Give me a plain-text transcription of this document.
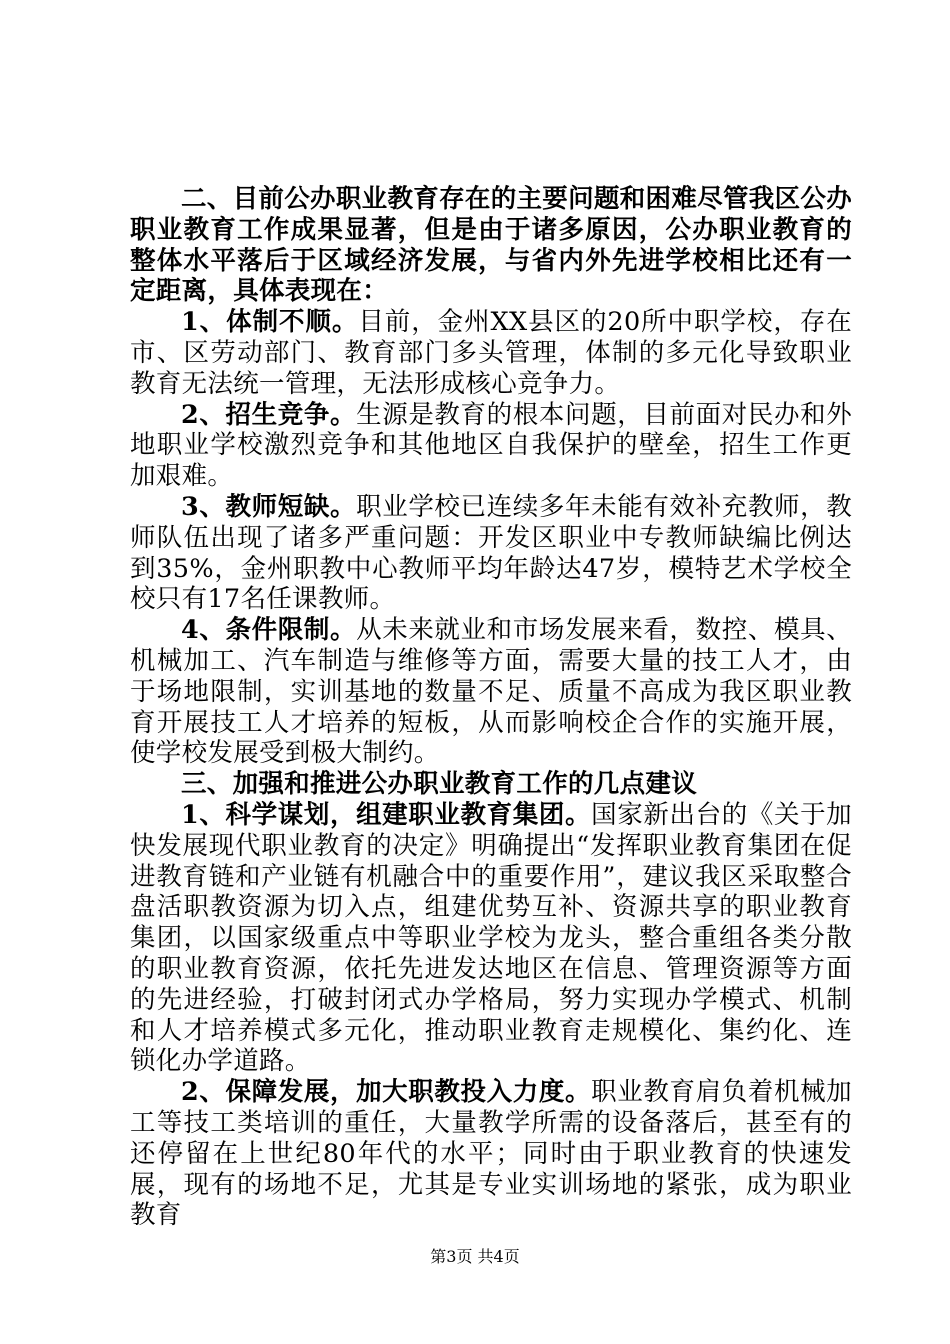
二、目前公办职业教育存在的主要问题和困难尽管我区公办职业教育工作成果显著，但是由于诸多原因，公办职业教育的整体水平落后于区域经济发展，与省内外先进学校相比还有一定距离，具体表现在：

1、体制不顺。目前，金州XX县区的20所中职学校，存在市、区劳动部门、教育部门多头管理，体制的多元化导致职业教育无法统一管理，无法形成核心竞争力。

2、招生竞争。生源是教育的根本问题，目前面对民办和外地职业学校激烈竞争和其他地区自我保护的壁垒，招生工作更加艰难。

3、教师短缺。职业学校已连续多年未能有效补充教师，教师队伍出现了诸多严重问题：开发区职业中专教师缺编比例达到35%，金州职教中心教师平均年龄达47岁，模特艺术学校全校只有17名任课教师。

4、条件限制。从未来就业和市场发展来看，数控、模具、机械加工、汽车制造与维修等方面，需要大量的技工人才，由于场地限制，实训基地的数量不足、质量不高成为我区职业教育开展技工人才培养的短板，从而影响校企合作的实施开展，使学校发展受到极大制约。

三、加强和推进公办职业教育工作的几点建议

1、科学谋划，组建职业教育集团。国家新出台的《关于加快发展现代职业教育的决定》明确提出“发挥职业教育集团在促进教育链和产业链有机融合中的重要作用”，建议我区采取整合盘活职教资源为切入点，组建优势互补、资源共享的职业教育集团，以国家级重点中等职业学校为龙头，整合重组各类分散的职业教育资源，依托先进发达地区在信息、管理资源等方面的先进经验，打破封闭式办学格局，努力实现办学模式、机制和人才培养模式多元化，推动职业教育走规模化、集约化、连锁化办学道路。

2、保障发展，加大职教投入力度。职业教育肩负着机械加工等技工类培训的重任，大量教学所需的设备落后，甚至有的还停留在上世纪80年代的水平；同时由于职业教育的快速发展，现有的场地不足，尤其是专业实训场地的紧张，成为职业教育

第3页 共4页
